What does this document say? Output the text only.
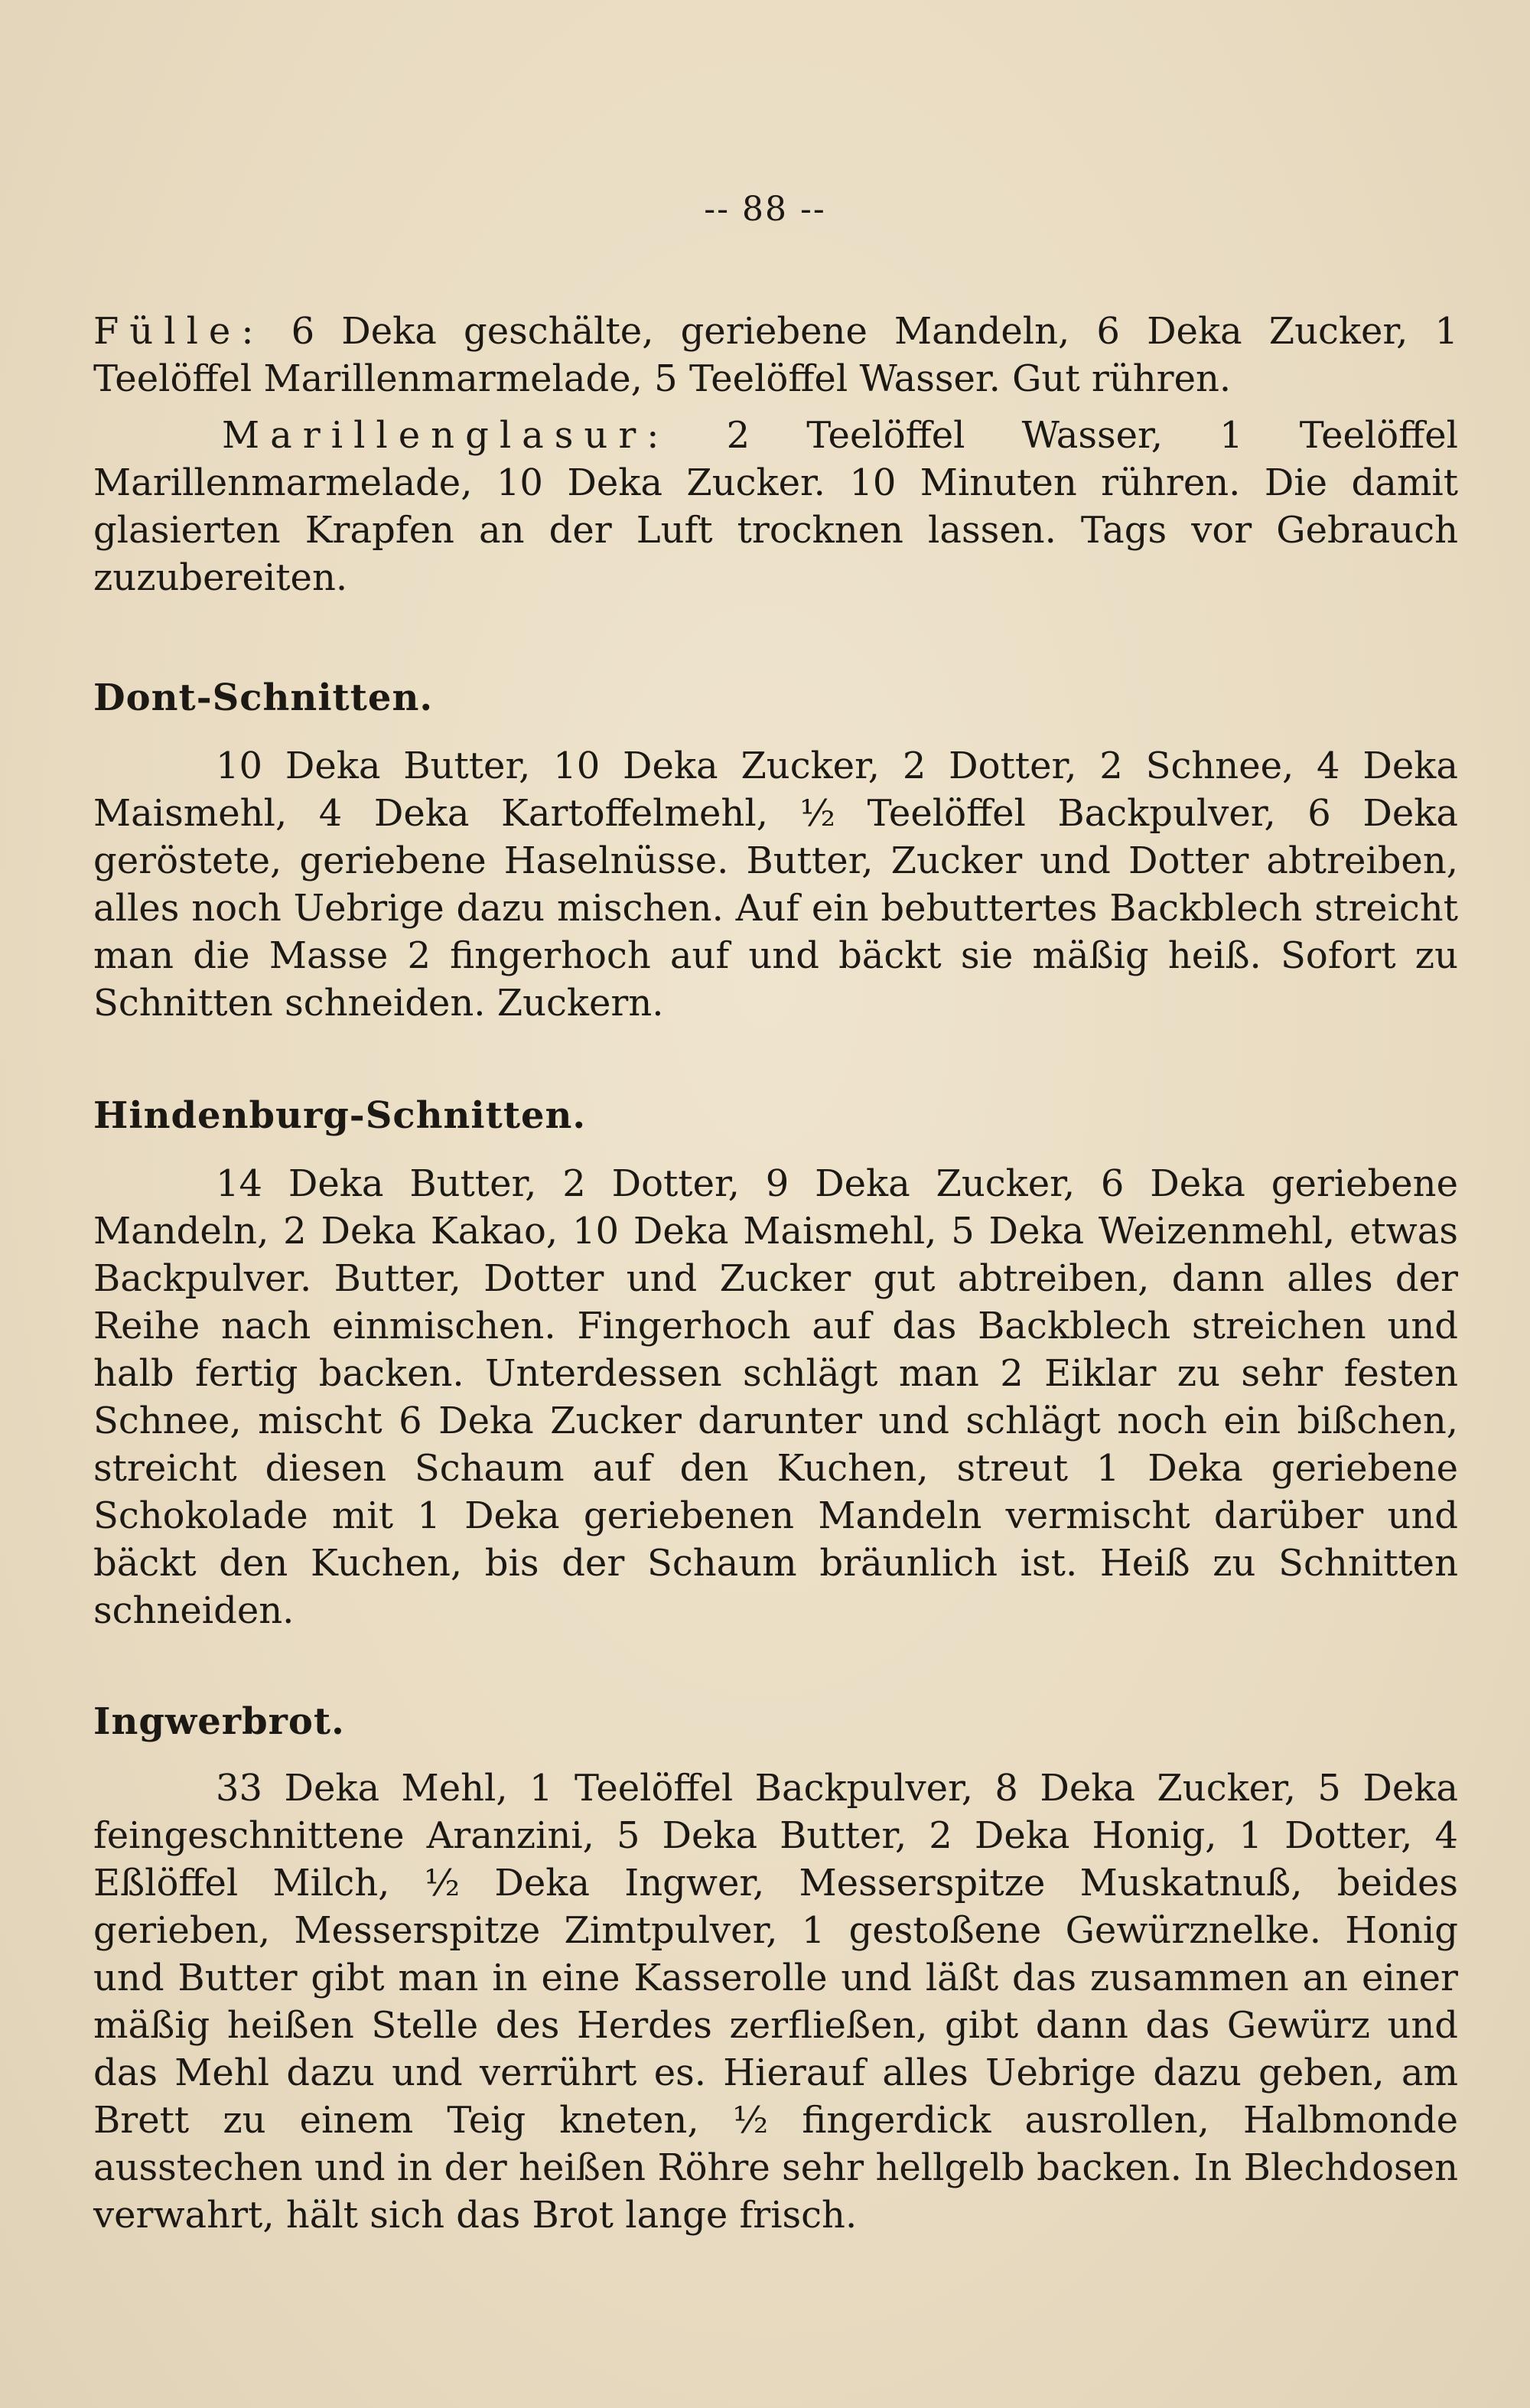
-- 88 --

Fülle: 6 Deka geschälte, geriebene Mandeln, 6 Deka Zucker, 1 Teelöffel Marillenmarmelade, 5 Teelöffel Wasser. Gut rühren.

Marillenglasur: 2 Teelöffel Wasser, 1 Teelöffel Marillenmarmelade, 10 Deka Zucker. 10 Minuten rühren. Die damit glasierten Krapfen an der Luft trocknen lassen. Tags vor Gebrauch zuzubereiten.

Dont-Schnitten.

10 Deka Butter, 10 Deka Zucker, 2 Dotter, 2 Schnee, 4 Deka Maismehl, 4 Deka Kartoffelmehl, ½ Teelöffel Backpulver, 6 Deka geröstete, geriebene Haselnüsse. Butter, Zucker und Dotter abtreiben, alles noch Uebrige dazu mischen. Auf ein bebuttertes Backblech streicht man die Masse 2 fingerhoch auf und bäckt sie mäßig heiß. Sofort zu Schnitten schneiden. Zuckern.

Hindenburg-Schnitten.

14 Deka Butter, 2 Dotter, 9 Deka Zucker, 6 Deka geriebene Mandeln, 2 Deka Kakao, 10 Deka Maismehl, 5 Deka Weizenmehl, etwas Backpulver. Butter, Dotter und Zucker gut abtreiben, dann alles der Reihe nach einmischen. Fingerhoch auf das Backblech streichen und halb fertig backen. Unterdessen schlägt man 2 Eiklar zu sehr festen Schnee, mischt 6 Deka Zucker darunter und schlägt noch ein bißchen, streicht diesen Schaum auf den Kuchen, streut 1 Deka geriebene Schokolade mit 1 Deka geriebenen Mandeln vermischt darüber und bäckt den Kuchen, bis der Schaum bräunlich ist. Heiß zu Schnitten schneiden.

Ingwerbrot.

33 Deka Mehl, 1 Teelöffel Backpulver, 8 Deka Zucker, 5 Deka feingeschnittene Aranzini, 5 Deka Butter, 2 Deka Honig, 1 Dotter, 4 Eßlöffel Milch, ½ Deka Ingwer, Messerspitze Muskatnuß, beides gerieben, Messerspitze Zimtpulver, 1 gestoßene Gewürznelke. Honig und Butter gibt man in eine Kasserolle und läßt das zusammen an einer mäßig heißen Stelle des Herdes zerfließen, gibt dann das Gewürz und das Mehl dazu und verrührt es. Hierauf alles Uebrige dazu geben, am Brett zu einem Teig kneten, ½ fingerdick ausrollen, Halbmonde ausstechen und in der heißen Röhre sehr hellgelb backen. In Blechdosen verwahrt, hält sich das Brot lange frisch.
